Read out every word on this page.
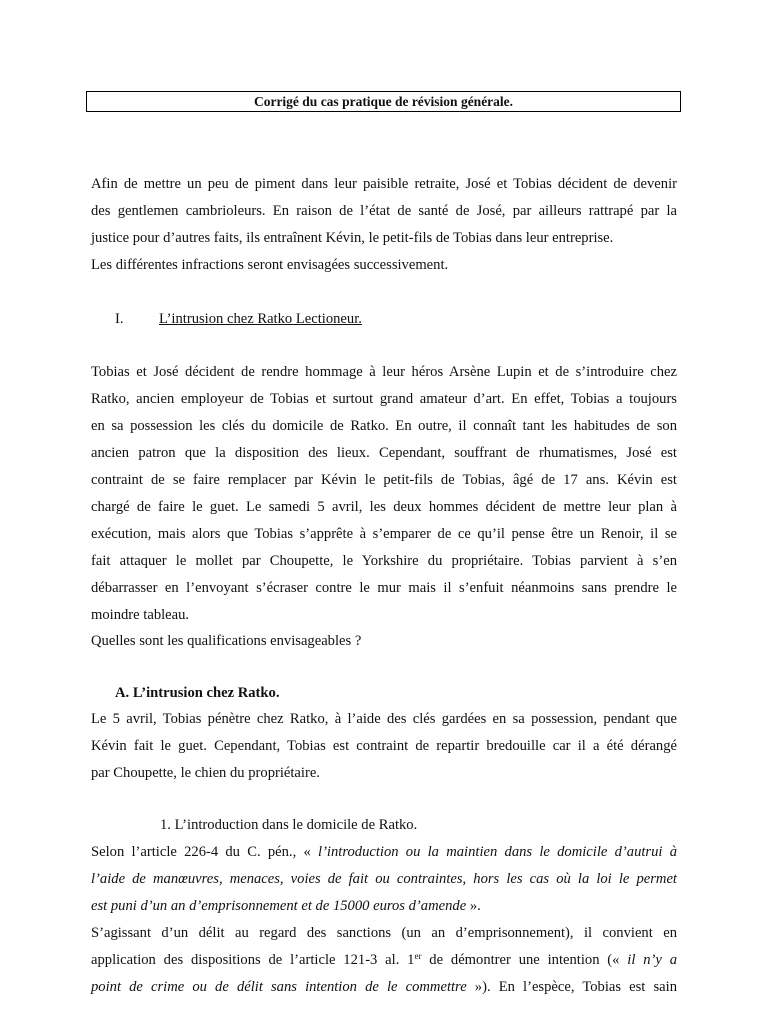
Corrigé du cas pratique de révision générale.
Afin de mettre un peu de piment dans leur paisible retraite, José et Tobias décident de devenir
des gentlemen cambrioleurs. En raison de l’état de santé de José, par ailleurs rattrapé par la
justice pour d’autres faits, ils entraînent Kévin, le petit-fils de Tobias dans leur entreprise.
Les différentes infractions seront envisagées successivement.
I.	L’intrusion chez Ratko Lectioneur.
Tobias et José décident de rendre hommage à leur héros Arsène Lupin et de s’introduire chez
Ratko, ancien employeur de Tobias et surtout grand amateur d’art. En effet, Tobias a toujours
en sa possession les clés du domicile de Ratko. En outre, il connaît tant les habitudes de son
ancien patron que la disposition des lieux. Cependant, souffrant de rhumatismes, José est
contraint de se faire remplacer par Kévin le petit-fils de Tobias, âgé de 17 ans. Kévin est
chargé de faire le guet. Le samedi 5 avril, les deux hommes décident de mettre leur plan à
exécution, mais alors que Tobias s’apprête à s’emparer de ce qu’il pense être un Renoir, il se
fait attaquer le mollet par Choupette, le Yorkshire du propriétaire. Tobias parvient à s’en
débarrasser en l’envoyant s’écraser contre le mur mais il s’enfuit néanmoins sans prendre le
moindre tableau.
Quelles sont les qualifications envisageables ?
A. L’intrusion chez Ratko.
Le 5 avril, Tobias pénètre chez Ratko, à l’aide des clés gardées en sa possession, pendant que
Kévin fait le guet. Cependant, Tobias est contraint de repartir bredouille car il a été dérangé
par Choupette, le chien du propriétaire.
1. L’introduction dans le domicile de Ratko.
Selon l’article 226-4 du C. pén., « l’introduction ou la maintien dans le domicile d’autrui à
l’aide de manœuvres, menaces, voies de fait ou contraintes, hors les cas où la loi le permet
est puni d’un an d’emprisonnement et de 15000 euros d’amende ».
S’agissant d’un délit au regard des sanctions (un an d’emprisonnement), il convient en
application des dispositions de l’article 121-3 al. 1er de démontrer une intention (« il n’y a
point de crime ou de délit sans intention de le commettre »). En l’espèce, Tobias est sain
